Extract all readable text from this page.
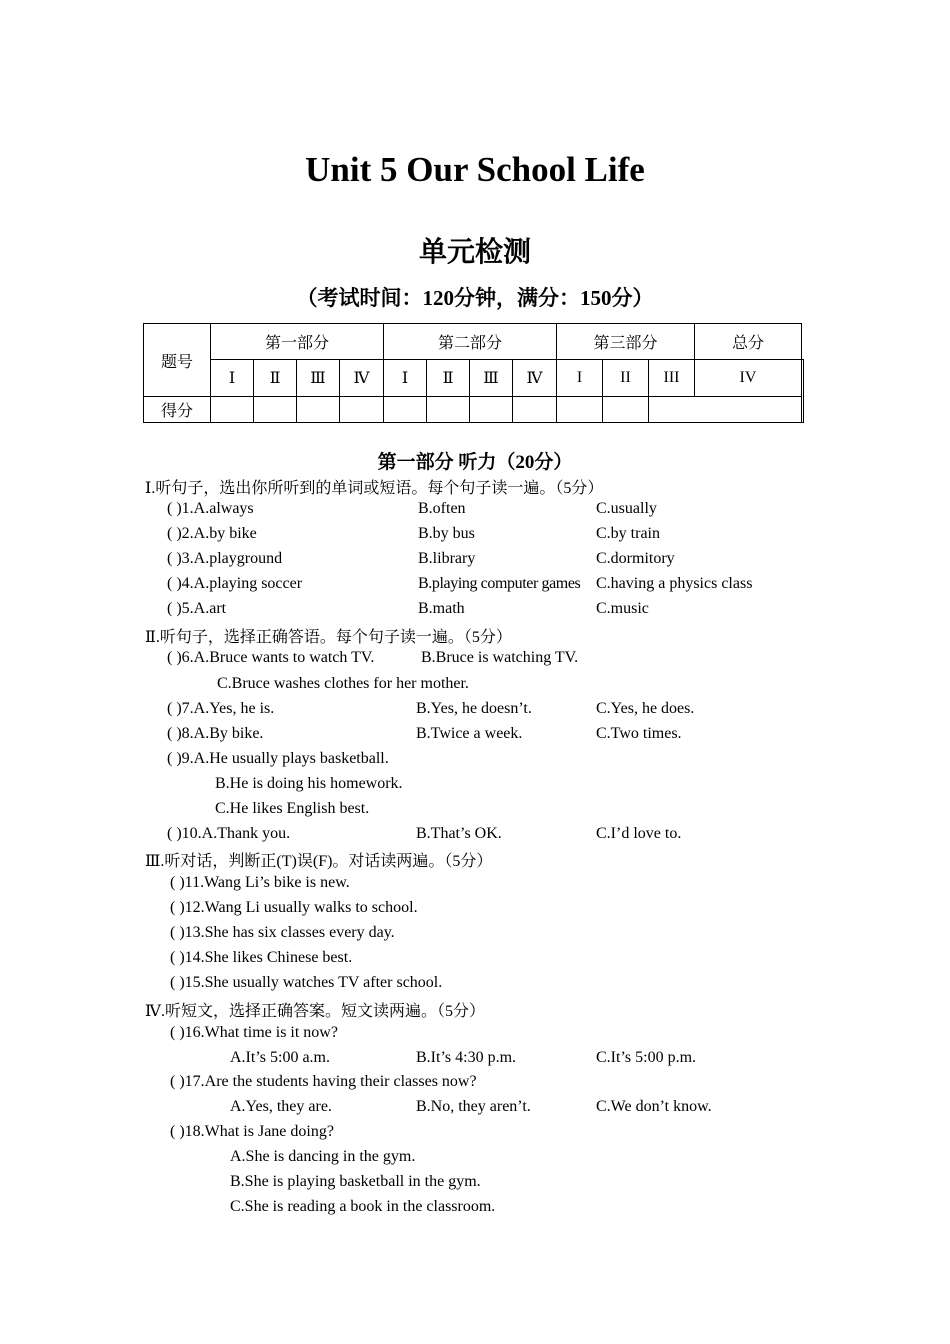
Unit 5 Our School Life
单元检测
（考试时间：120分钟，满分：150分）
题号	第一部分				第二部分				第三部分			总分	
	Ⅰ	Ⅱ	Ⅲ	Ⅳ	Ⅰ	Ⅱ	Ⅲ	Ⅳ	I	II	III	IV	
得分													
第一部分 听力（20分）
Ⅰ.听句子，选出你所听到的单词或短语。每个句子读一遍。（5分）
( )1.A.always	B.often	C.usually
( )2.A.by bike	B.by bus	C.by train
( )3.A.playground	B.library	C.dormitory
( )4.A.playing soccer	B.playing computer games C.having a physics class
( )5.A.art	B.math	C.music
Ⅱ.听句子，选择正确答语。每个句子读一遍。（5分）
( )6.A.Bruce wants to watch TV.	B.Bruce is watching TV.
C.Bruce washes clothes for her mother.
( )7.A.Yes, he is.	B.Yes, he doesn’t.	C.Yes, he does.
( )8.A.By bike.	B.Twice a week.	C.Two times.
( )9.A.He usually plays basketball.
B.He is doing his homework.
C.He likes English best.
( )10.A.Thank you.	B.That’s OK.	C.I’d love to.
Ⅲ.听对话，判断正(T)误(F)。对话读两遍。（5分）
( )11.Wang Li’s bike is new.
( )12.Wang Li usually walks to school.
( )13.She has six classes every day.
( )14.She likes Chinese best.
( )15.She usually watches TV after school.
Ⅳ.听短文，选择正确答案。短文读两遍。（5分）
( )16.What time is it now?
A.It’s 5:00 a.m.	B.It’s 4:30 p.m.	C.It’s 5:00 p.m.
( )17.Are the students having their classes now?
A.Yes, they are.	B.No, they aren’t.	C.We don’t know.
( )18.What is Jane doing?
A.She is dancing in the gym.
B.She is playing basketball in the gym.
C.She is reading a book in the classroom.
